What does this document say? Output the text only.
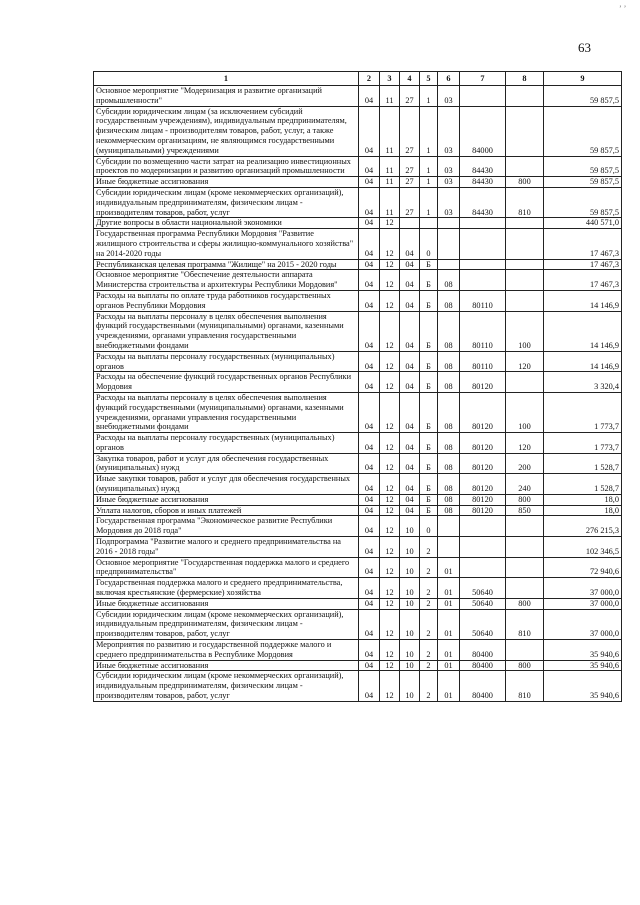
ʼ ʼ
63
1	2	3	4	5	6	7	8	9
Основное мероприятие "Модернизация и развитие организаций промышленности"	04	11	27	1	03			59 857,5
Субсидии юридическим лицам (за исключением субсидий государственным учреждениям), индивидуальным предпринимателям, физическим лицам - производителям товаров, работ, услуг, а также некоммерческим организациям, не являющимся государственными (муниципальными) учреждениями	04	11	27	1	03	84000		59 857,5
Субсидии по возмещению части затрат на реализацию инвестиционных проектов по модернизации и развитию организаций промышленности	04	11	27	1	03	84430		59 857,5
Иные бюджетные ассигнования	04	11	27	1	03	84430	800	59 857,5
Субсидии юридическим лицам (кроме некоммерческих организаций), индивидуальным предпринимателям, физическим лицам - производителям товаров, работ, услуг	04	11	27	1	03	84430	810	59 857,5
Другие вопросы в области национальной экономики	04	12						440 571,0
Государственная программа Республики Мордовия "Развитие жилищного строительства и сферы жилищно-коммунального хозяйства" на 2014-2020 годы	04	12	04	0				17 467,3
Республиканская целевая программа "Жилище" на 2015 - 2020 годы	04	12	04	Б				17 467,3
Основное мероприятие "Обеспечение деятельности аппарата Министерства строительства и архитектуры Республики Мордовия"	04	12	04	Б	08			17 467,3
Расходы на выплаты по оплате труда работников государственных органов Республики Мордовия	04	12	04	Б	08	80110		14 146,9
Расходы на выплаты персоналу в целях обеспечения выполнения функций государственными (муниципальными) органами, казенными учреждениями, органами управления государственными внебюджетными фондами	04	12	04	Б	08	80110	100	14 146,9
Расходы на выплаты персоналу государственных (муниципальных) органов	04	12	04	Б	08	80110	120	14 146,9
Расходы на обеспечение функций государственных органов Республики Мордовия	04	12	04	Б	08	80120		3 320,4
Расходы на выплаты персоналу в целях обеспечения выполнения функций государственными (муниципальными) органами, казенными учреждениями, органами управления государственными внебюджетными фондами	04	12	04	Б	08	80120	100	1 773,7
Расходы на выплаты персоналу государственных (муниципальных) органов	04	12	04	Б	08	80120	120	1 773,7
Закупка товаров, работ и услуг для обеспечения государственных (муниципальных) нужд	04	12	04	Б	08	80120	200	1 528,7
Иные закупки товаров, работ и услуг для обеспечения государственных (муниципальных) нужд	04	12	04	Б	08	80120	240	1 528,7
Иные бюджетные ассигнования	04	12	04	Б	08	80120	800	18,0
Уплата налогов, сборов и иных платежей	04	12	04	Б	08	80120	850	18,0
Государственная программа "Экономическое развитие Республики Мордовия до 2018 года"	04	12	10	0				276 215,3
Подпрограмма "Развитие малого и среднего предпринимательства на 2016 - 2018 годы"	04	12	10	2				102 346,5
Основное мероприятие "Государственная поддержка малого и среднего предпринимательства"	04	12	10	2	01			72 940,6
Государственная поддержка малого и среднего предпринимательства, включая крестьянские (фермерские) хозяйства	04	12	10	2	01	50640		37 000,0
Иные бюджетные ассигнования	04	12	10	2	01	50640	800	37 000,0
Субсидии юридическим лицам (кроме некоммерческих организаций), индивидуальным предпринимателям, физическим лицам - производителям товаров, работ, услуг	04	12	10	2	01	50640	810	37 000,0
Мероприятия по развитию и государственной поддержке малого и среднего предпринимательства в Республике Мордовия	04	12	10	2	01	80400		35 940,6
Иные бюджетные ассигнования	04	12	10	2	01	80400	800	35 940,6
Субсидии юридическим лицам (кроме некоммерческих организаций), индивидуальным предпринимателям, физическим лицам - производителям товаров, работ, услуг	04	12	10	2	01	80400	810	35 940,6
